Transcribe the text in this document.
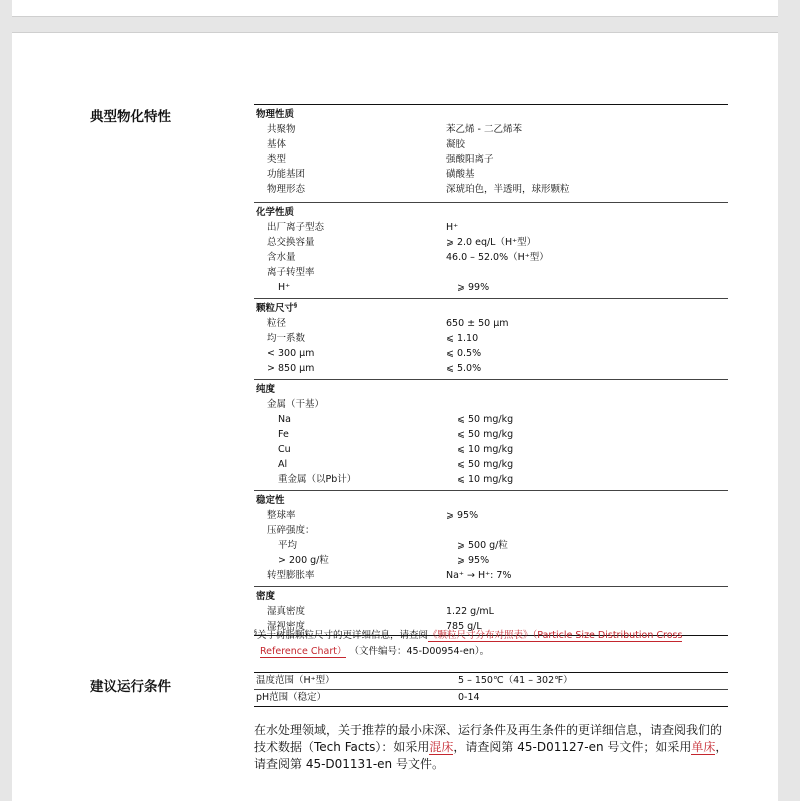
典型物化特性
建议运行条件
物理性质
共聚物	苯乙烯 - 二乙烯苯
基体	凝胶
类型	强酸阳离子
功能基团	磺酸基
物理形态	深琥珀色，半透明，球形颗粒
化学性质
出厂离子型态	H⁺
总交换容量	⩾ 2.0 eq/L（H⁺型）
含水量	46.0 – 52.0%（H⁺型）
离子转型率
H⁺	⩾ 99%
颗粒尺寸§
粒径	650 ± 50 µm
均一系数	⩽ 1.10
< 300 µm	⩽ 0.5%
> 850 µm	⩽ 5.0%
纯度
金属（干基）
Na	⩽ 50 mg/kg
Fe	⩽ 50 mg/kg
Cu	⩽ 10 mg/kg
Al	⩽ 50 mg/kg
重金属（以Pb计）	⩽ 10 mg/kg
稳定性
整球率	⩾ 95%
压碎强度：
平均	⩾ 500 g/粒
> 200 g/粒	⩾ 95%
转型膨胀率	Na⁺ → H⁺: 7%
密度
湿真密度	1.22 g/mL
湿视密度	785 g/L
§关于树脂颗粒尺寸的更详细信息，请查阅《颗粒尺寸分布对照表》（Particle Size Distribution Cross
Reference Chart） （文件编号：45-D00954-en）。
温度范围（H⁺型）	5 – 150℃（41 – 302℉）
pH范围（稳定）	0-14
在水处理领域，关于推荐的最小床深、运行条件及再生条件的更详细信息，请查阅我们的技术数据（Tech Facts）：如采用混床，请查阅第 45-D01127-en 号文件；如采用单床，请查阅第 45-D01131-en 号文件。
